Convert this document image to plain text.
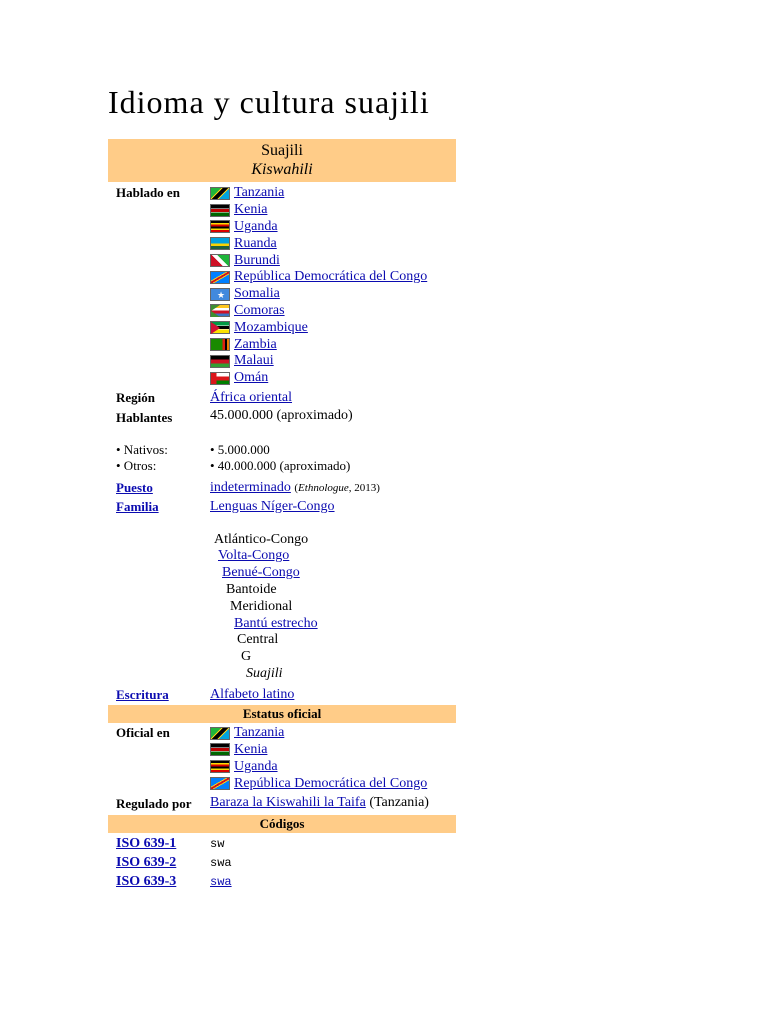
Idioma y cultura suajili
Suajili
Kiswahili
Hablado en	Tanzania
Kenia
Uganda
Ruanda
Burundi
República Democrática del Congo
★
Somalia
Comoras
Mozambique
Zambia
Malaui
Omán
Región	África oriental
Hablantes	45.000.000 (aproximado)
• Nativos:	• 5.000.000
• Otros:	• 40.000.000 (aproximado)
Puesto	indeterminado (Ethnologue, 2013)
Familia	Lenguas Níger-Congo
Atlántico-Congo
Volta-Congo
Benué-Congo
Bantoide
Meridional
Bantú estrecho
Central
G
Suajili
Escritura	Alfabeto latino
Estatus oficial
Oficial en	Tanzania
Kenia
Uganda
República Democrática del Congo
Regulado por	Baraza la Kiswahili la Taifa (Tanzania)
Códigos
ISO 639-1	sw
ISO 639-2	swa
ISO 639-3	swa
